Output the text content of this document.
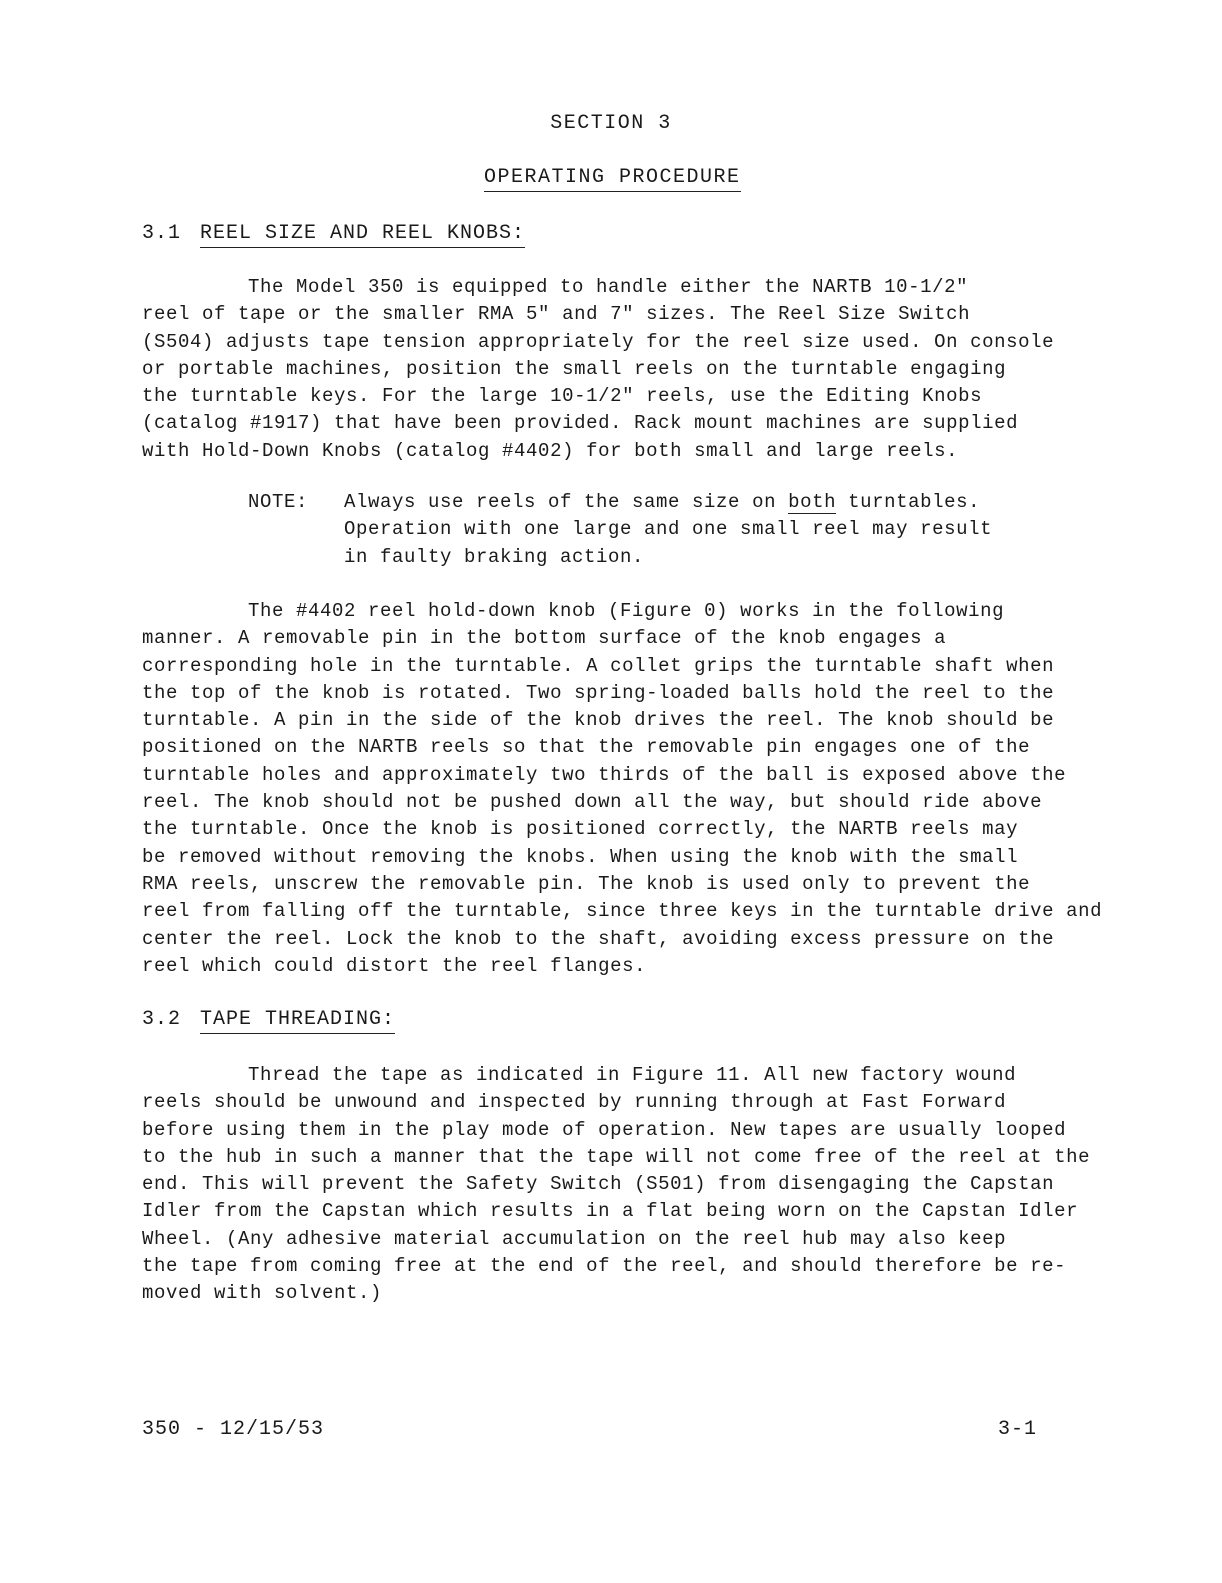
SECTION 3
OPERATING PROCEDURE
3.1 REEL SIZE AND REEL KNOBS:
The Model 350 is equipped to handle either the NARTB 10-1/2"
reel of tape or the smaller RMA 5" and 7" sizes. The Reel Size Switch
(S504) adjusts tape tension appropriately for the reel size used. On console
or portable machines, position the small reels on the turntable engaging
the turntable keys. For the large 10-1/2" reels, use the Editing Knobs
(catalog #1917) that have been provided. Rack mount machines are supplied
with Hold-Down Knobs (catalog #4402) for both small and large reels.
NOTE: Always use reels of the same size on both turntables.
Operation with one large and one small reel may result
in faulty braking action.
The #4402 reel hold-down knob (Figure 0) works in the following
manner. A removable pin in the bottom surface of the knob engages a
corresponding hole in the turntable. A collet grips the turntable shaft when
the top of the knob is rotated. Two spring-loaded balls hold the reel to the
turntable. A pin in the side of the knob drives the reel. The knob should be
positioned on the NARTB reels so that the removable pin engages one of the
turntable holes and approximately two thirds of the ball is exposed above the
reel. The knob should not be pushed down all the way, but should ride above
the turntable. Once the knob is positioned correctly, the NARTB reels may
be removed without removing the knobs. When using the knob with the small
RMA reels, unscrew the removable pin. The knob is used only to prevent the
reel from falling off the turntable, since three keys in the turntable drive and
center the reel. Lock the knob to the shaft, avoiding excess pressure on the
reel which could distort the reel flanges.
3.2 TAPE THREADING:
Thread the tape as indicated in Figure 11. All new factory wound
reels should be unwound and inspected by running through at Fast Forward
before using them in the play mode of operation. New tapes are usually looped
to the hub in such a manner that the tape will not come free of the reel at the
end. This will prevent the Safety Switch (S501) from disengaging the Capstan
Idler from the Capstan which results in a flat being worn on the Capstan Idler
Wheel. (Any adhesive material accumulation on the reel hub may also keep
the tape from coming free at the end of the reel, and should therefore be re-
moved with solvent.)
350 - 12/15/53	3-1
